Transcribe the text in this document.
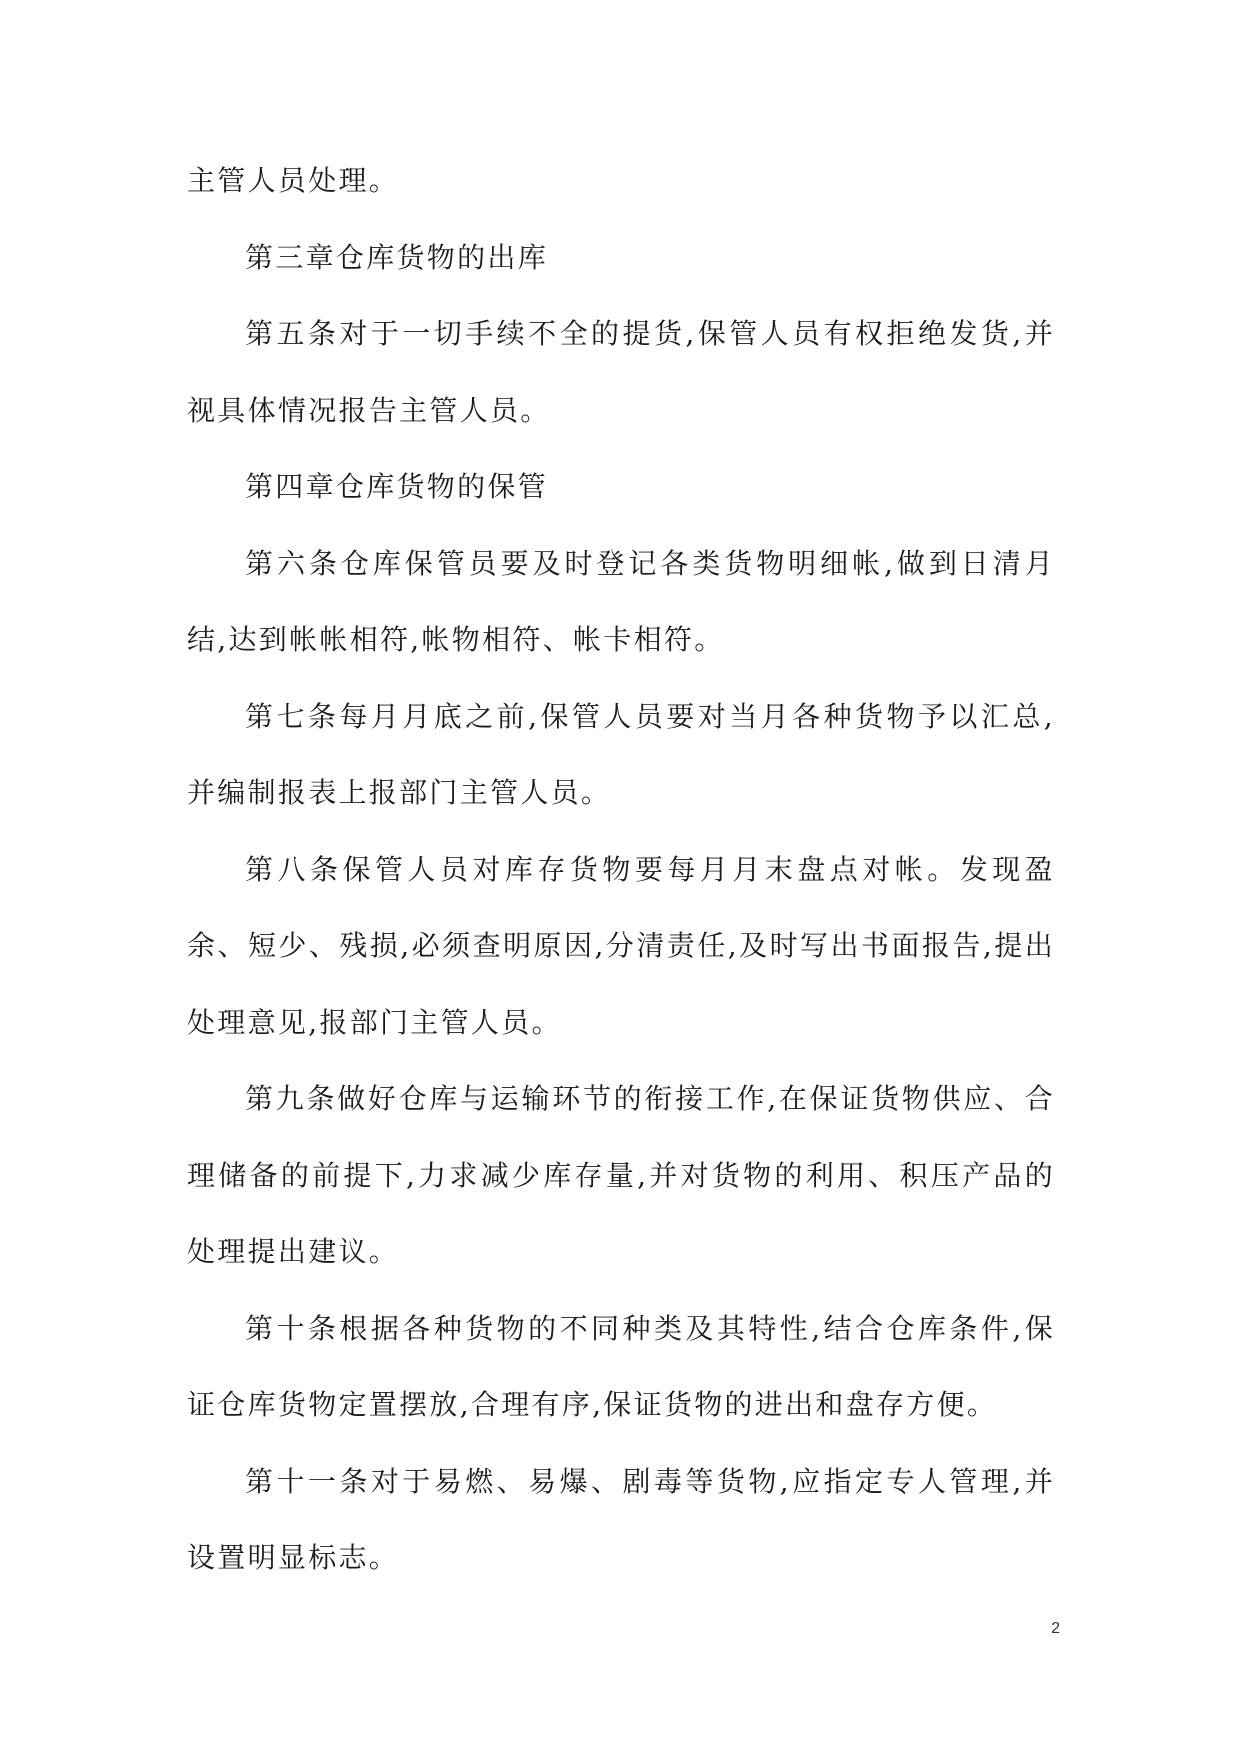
主管人员处理。

第三章仓库货物的出库

第五条对于一切手续不全的提货,保管人员有权拒绝发货,并视具体情况报告主管人员。

第四章仓库货物的保管

第六条仓库保管员要及时登记各类货物明细帐,做到日清月结,达到帐帐相符,帐物相符、帐卡相符。

第七条每月月底之前,保管人员要对当月各种货物予以汇总,并编制报表上报部门主管人员。

第八条保管人员对库存货物要每月月末盘点对帐。发现盈余、短少、残损,必须查明原因,分清责任,及时写出书面报告,提出处理意见,报部门主管人员。

第九条做好仓库与运输环节的衔接工作,在保证货物供应、合理储备的前提下,力求减少库存量,并对货物的利用、积压产品的处理提出建议。

第十条根据各种货物的不同种类及其特性,结合仓库条件,保证仓库货物定置摆放,合理有序,保证货物的进出和盘存方便。

第十一条对于易燃、易爆、剧毒等货物,应指定专人管理,并设置明显标志。

2
